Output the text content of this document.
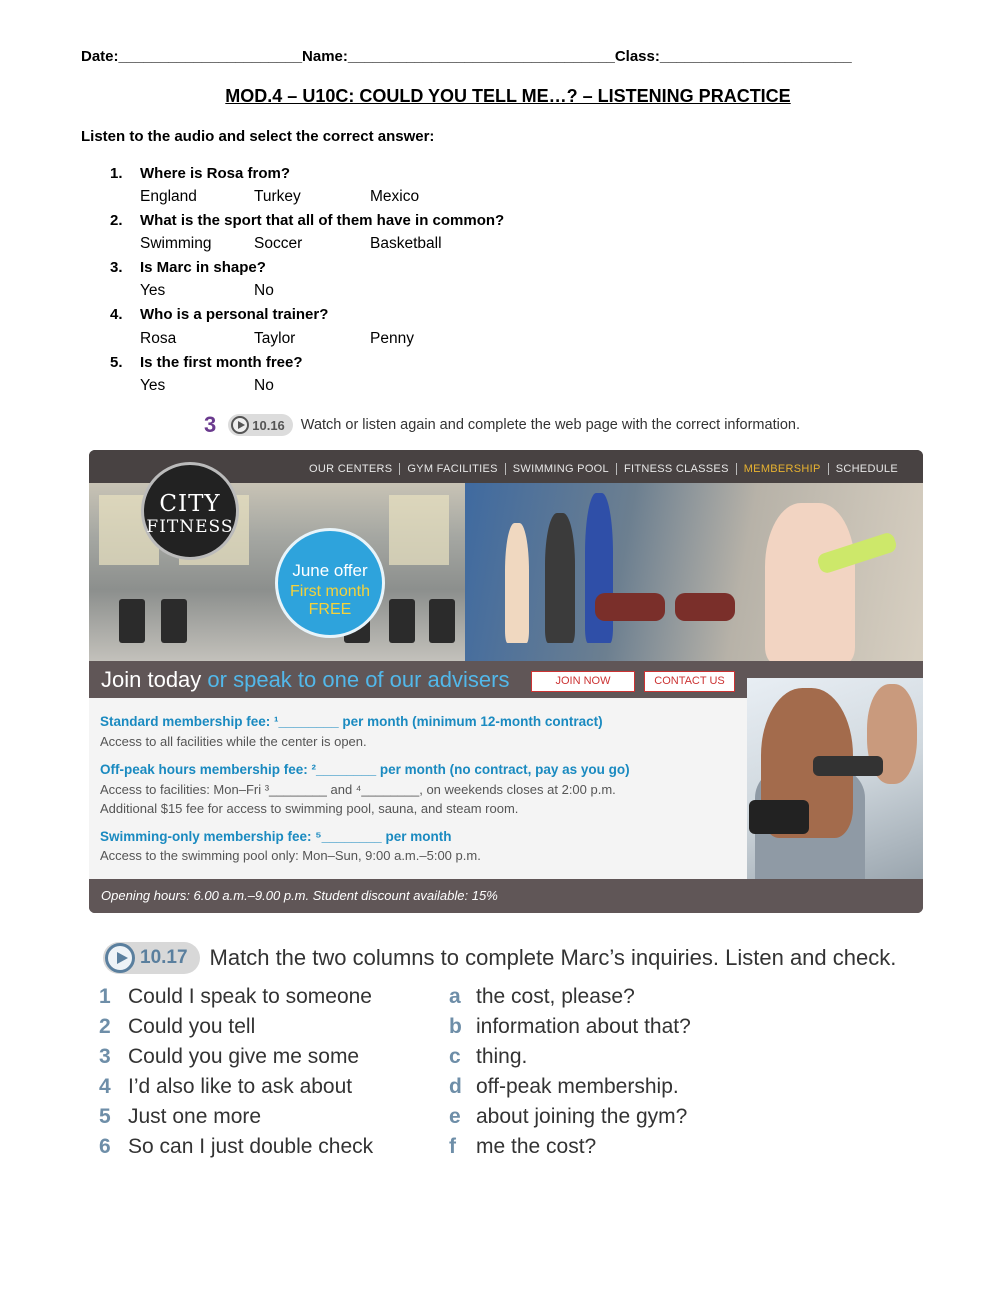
Date:______________________Name:________________________________Class:_______________________
MOD.4 – U10C: COULD YOU TELL ME…? – LISTENING PRACTICE
Listen to the audio and select the correct answer:
1. Where is Rosa from?
England	Turkey	Mexico
2. What is the sport that all of them have in common?
Swimming	Soccer	Basketball
3. Is Marc in shape?
Yes	No
4. Who is a personal trainer?
Rosa	Taylor	Penny
5. Is the first month free?
Yes	No
3	10.16 Watch or listen again and complete the web page with the correct information.
OUR CENTERS	GYM FACILITIES	SWIMMING POOL	FITNESS CLASSES	MEMBERSHIP	SCHEDULE
CITY
FITNESS
June offer
First month
FREE
Join today or speak to one of our advisers	JOIN NOW	CONTACT US
Standard membership fee: ¹________ per month (minimum 12-month contract)
Access to all facilities while the center is open.
Off-peak hours membership fee: ²________ per month (no contract, pay as you go)
Access to facilities: Mon–Fri ³________ and ⁴________, on weekends closes at 2:00 p.m.
Additional $15 fee for access to swimming pool, sauna, and steam room.
Swimming-only membership fee: ⁵________ per month
Access to the swimming pool only: Mon–Sun, 9:00 a.m.–5:00 p.m.
Opening hours: 6.00 a.m.–9.00 p.m. Student discount available: 15%
10.17 Match the two columns to complete Marc’s inquiries. Listen and check.
1 Could I speak to someone	a the cost, please?
2 Could you tell	b information about that?
3 Could you give me some	c thing.
4 I’d also like to ask about	d off-peak membership.
5 Just one more	e about joining the gym?
6 So can I just double check	f me the cost?
